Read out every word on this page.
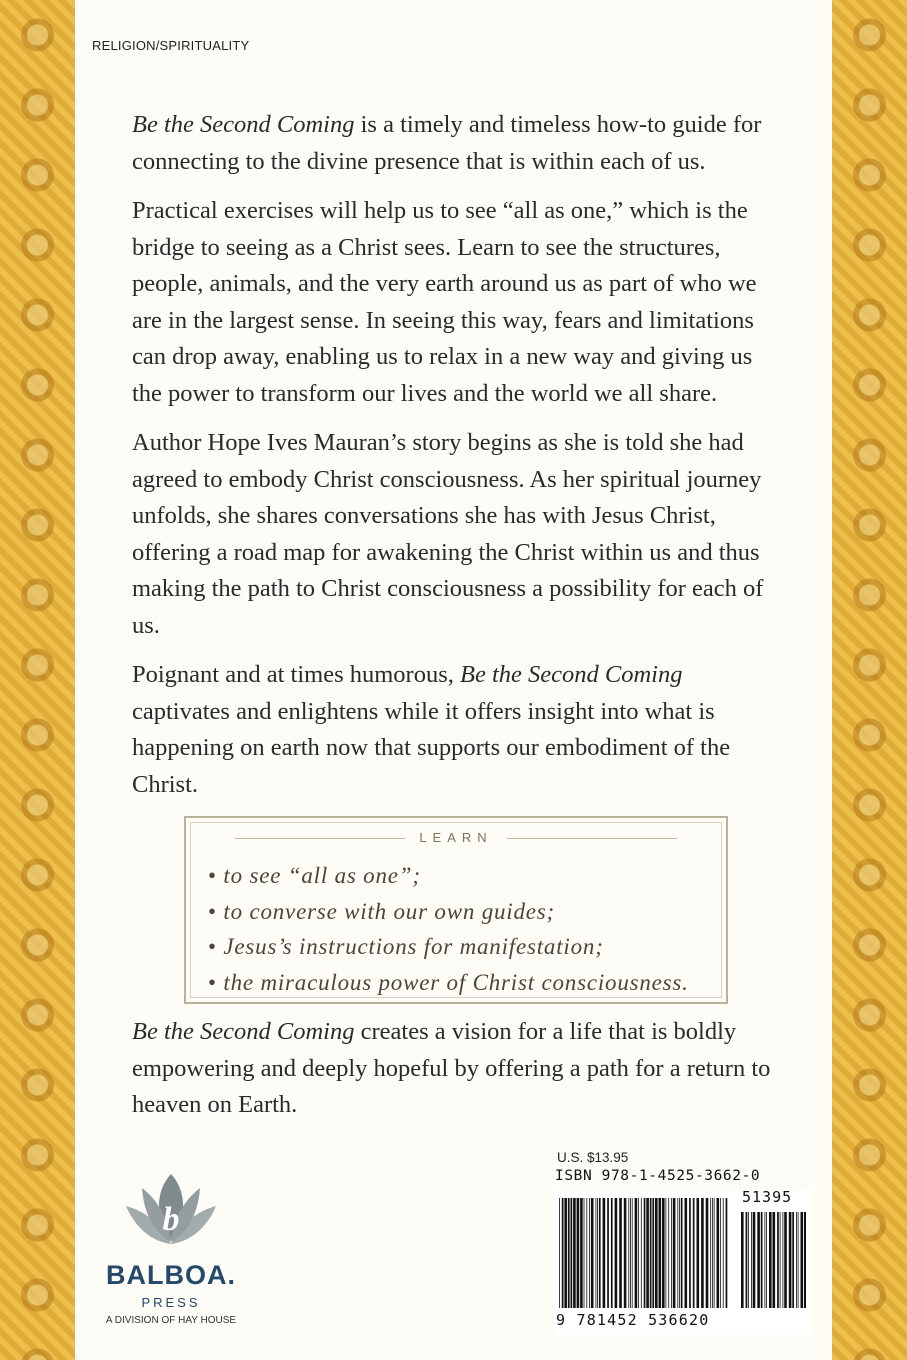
RELIGION/SPIRITUALITY

Be the Second Coming is a timely and timeless how-to guide for connecting to the divine presence that is within each of us.

Practical exercises will help us to see “all as one,” which is the bridge to seeing as a Christ sees. Learn to see the structures, people, animals, and the very earth around us as part of who we are in the largest sense. In seeing this way, fears and limitations can drop away, enabling us to relax in a new way and giving us the power to transform our lives and the world we all share.

Author Hope Ives Mauran’s story begins as she is told she had agreed to embody Christ consciousness. As her spiritual journey unfolds, she shares conversations she has with Jesus Christ, offering a road map for awakening the Christ within us and thus making the path to Christ consciousness a possibility for each of us.

Poignant and at times humorous, Be the Second Coming captivates and enlightens while it offers insight into what is happening on earth now that supports our embodiment of the Christ.

LEARN
• to see “all as one”;
• to converse with our own guides;
• Jesus’s instructions for manifestation;
• the miraculous power of Christ consciousness.

Be the Second Coming creates a vision for a life that is boldly empowering and deeply hopeful by offering a path for a return to heaven on Earth.

b
BALBOA.
PRESS
A DIVISION OF HAY HOUSE
U.S. $13.95
ISBN 978-1-4525-3662-0
51395
9 781452 536620
